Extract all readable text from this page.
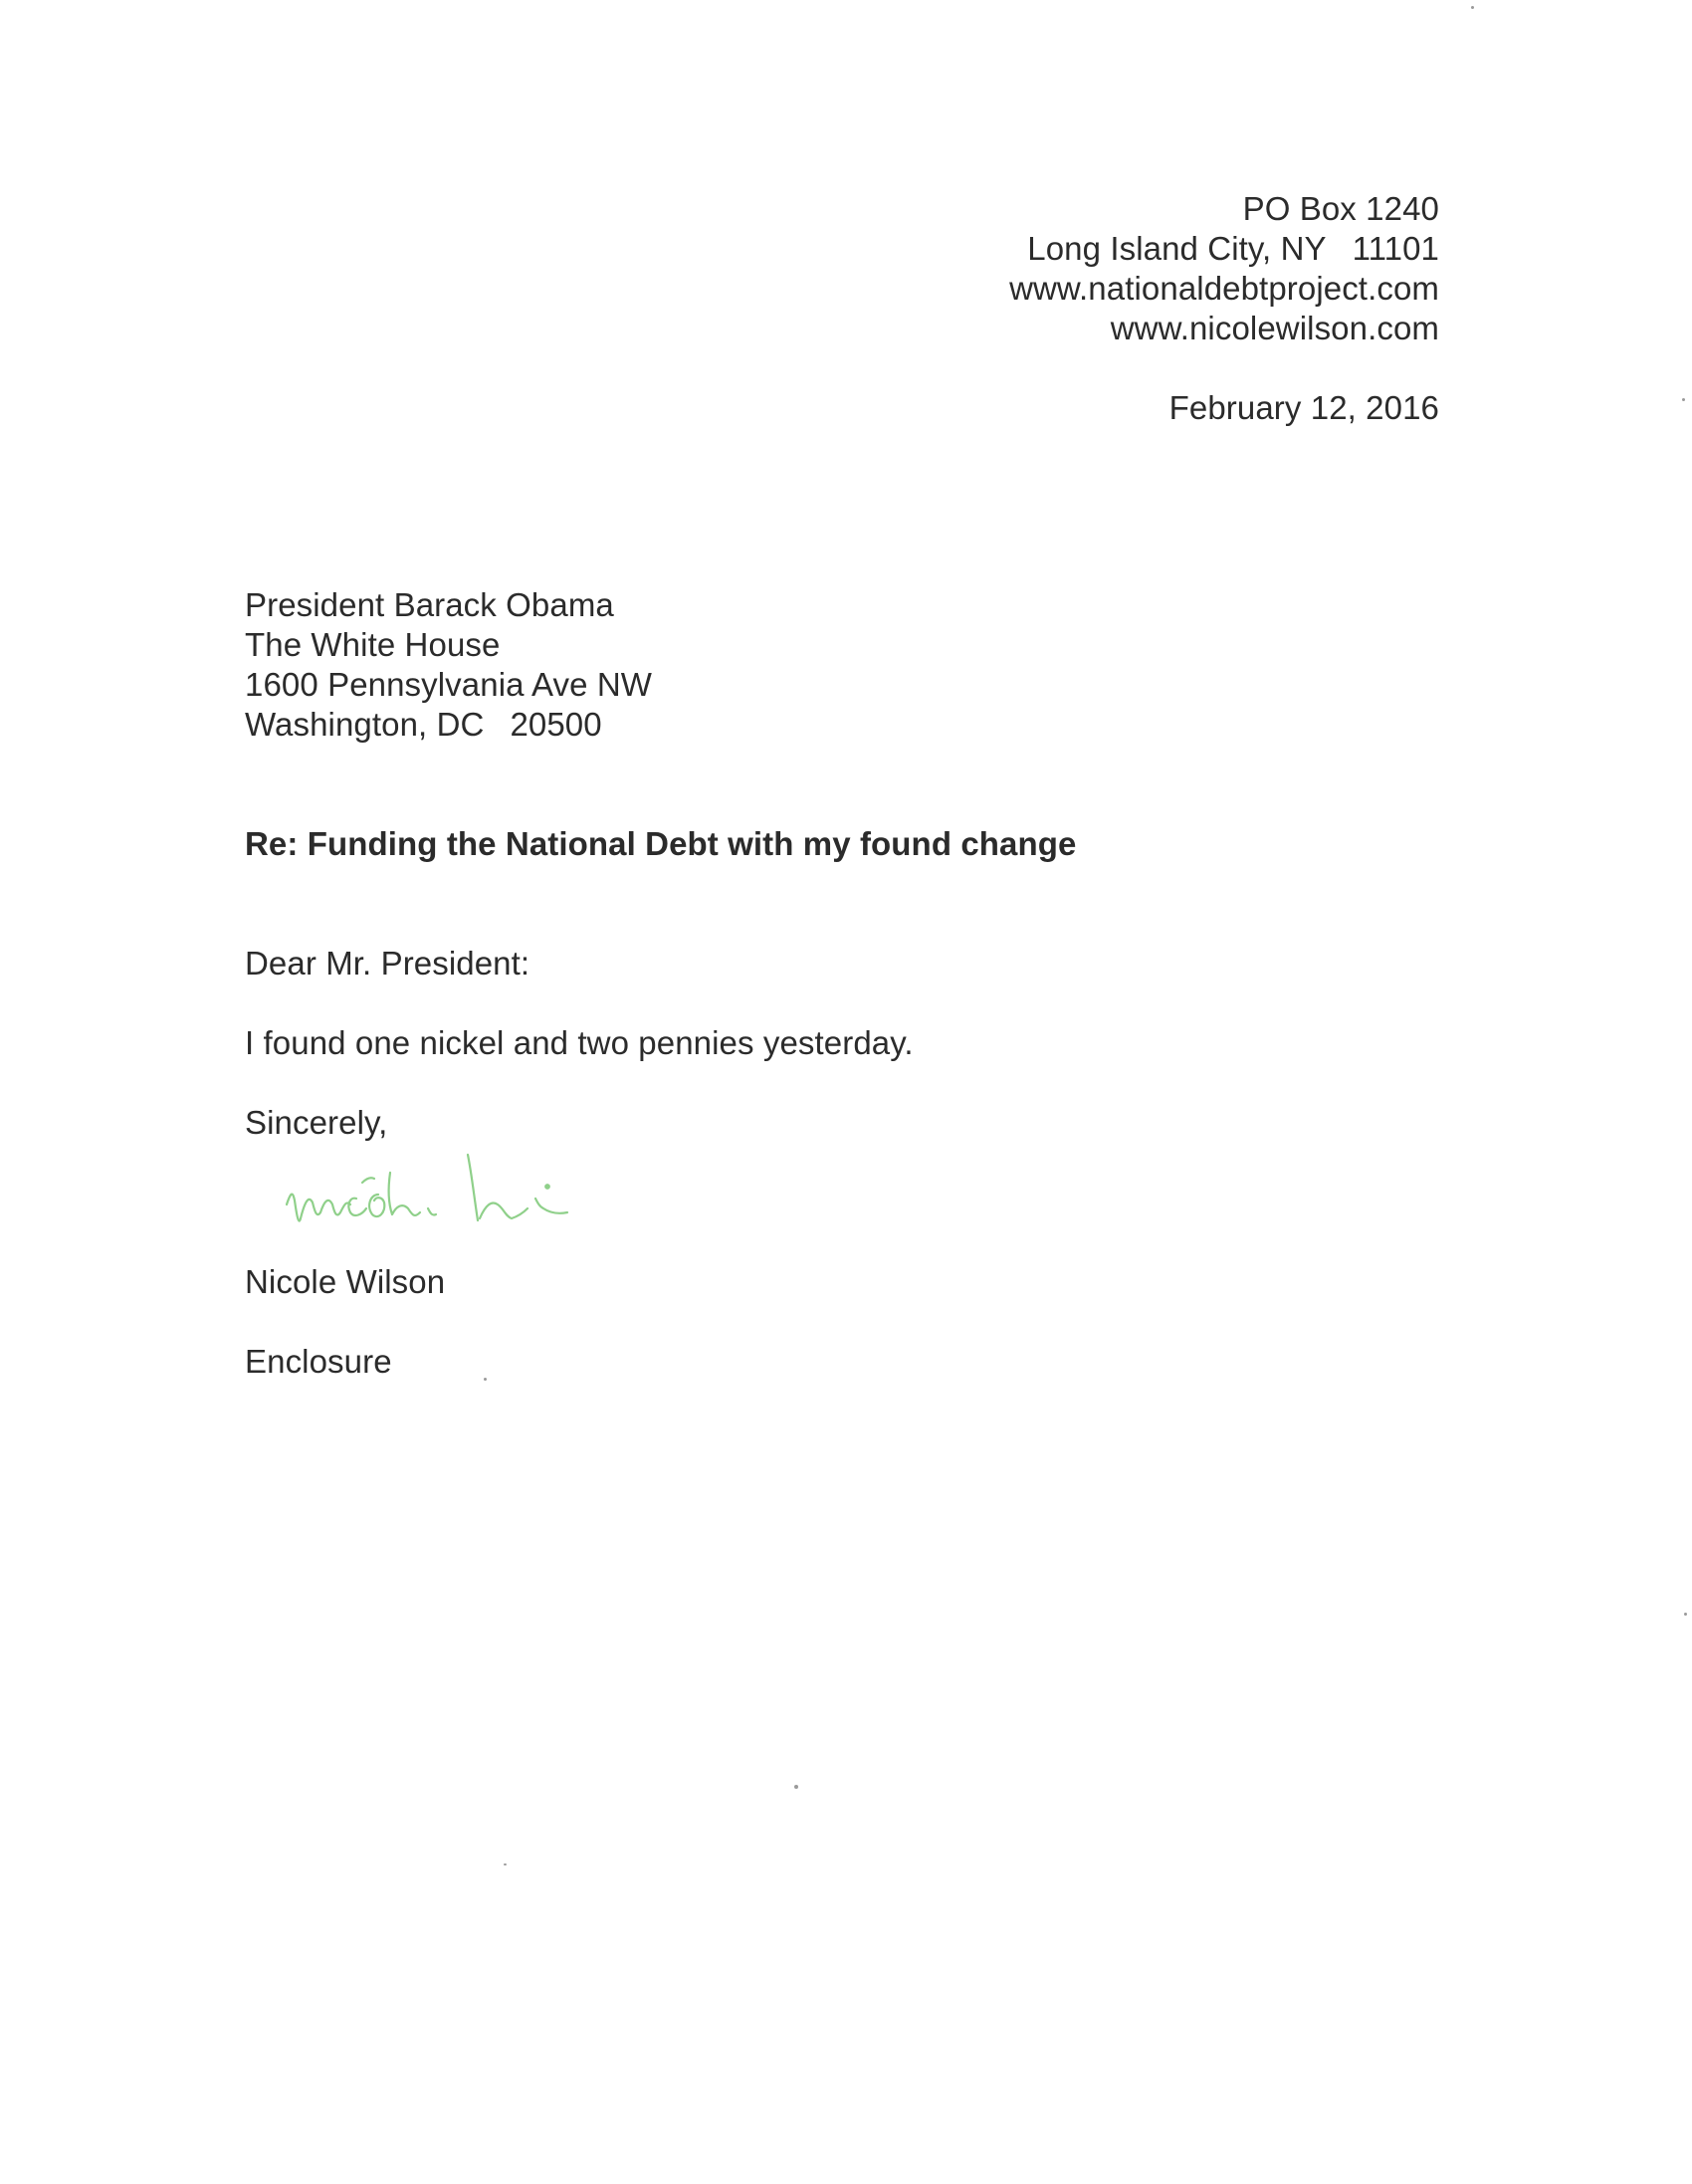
PO Box 1240
Long Island City, NY 11101
www.nationaldebtproject.com
www.nicolewilson.com
February 12, 2016
President Barack Obama
The White House
1600 Pennsylvania Ave NW
Washington, DC 20500
Re: Funding the National Debt with my found change
Dear Mr. President:
I found one nickel and two pennies yesterday.
Sincerely,
Nicole Wilson
Enclosure
